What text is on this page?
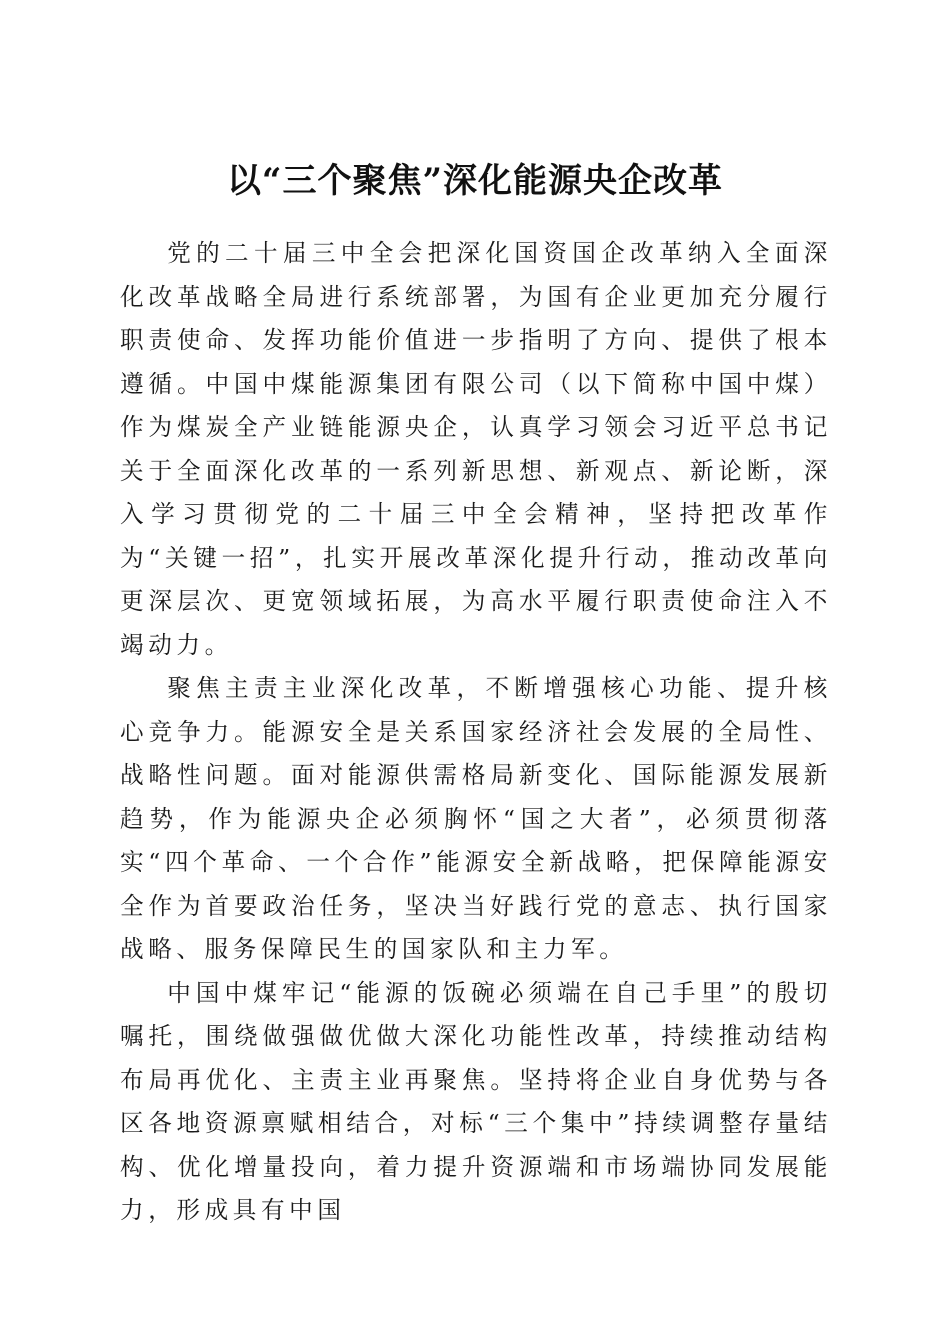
以“三个聚焦”深化能源央企改革

党的二十届三中全会把深化国资国企改革纳入全面深化改革战略全局进行系统部署，为国有企业更加充分履行职责使命、发挥功能价值进一步指明了方向、提供了根本遵循。中国中煤能源集团有限公司（以下简称中国中煤）作为煤炭全产业链能源央企，认真学习领会习近平总书记关于全面深化改革的一系列新思想、新观点、新论断，深入学习贯彻党的二十届三中全会精神，坚持把改革作为“关键一招”，扎实开展改革深化提升行动，推动改革向更深层次、更宽领域拓展，为高水平履行职责使命注入不竭动力。

聚焦主责主业深化改革，不断增强核心功能、提升核心竞争力。能源安全是关系国家经济社会发展的全局性、战略性问题。面对能源供需格局新变化、国际能源发展新趋势，作为能源央企必须胸怀“国之大者”，必须贯彻落实“四个革命、一个合作”能源安全新战略，把保障能源安全作为首要政治任务，坚决当好践行党的意志、执行国家战略、服务保障民生的国家队和主力军。

中国中煤牢记“能源的饭碗必须端在自己手里”的殷切嘱托，围绕做强做优做大深化功能性改革，持续推动结构布局再优化、主责主业再聚焦。坚持将企业自身优势与各区各地资源禀赋相结合，对标“三个集中”持续调整存量结构、优化增量投向，着力提升资源端和市场端协同发展能力，形成具有中国
